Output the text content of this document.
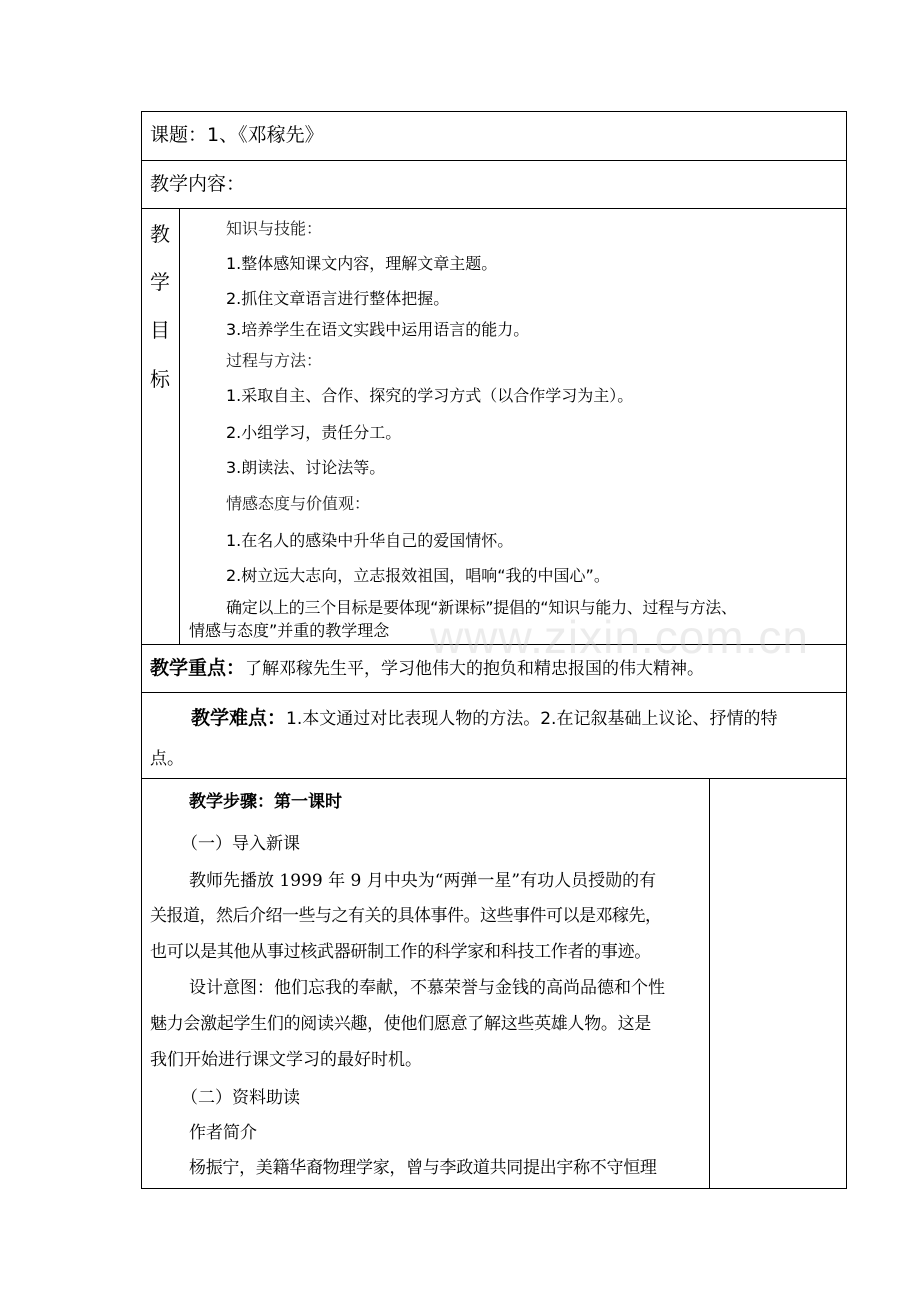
课题：1、《邓稼先》
教学内容：
教
学
目
标
知识与技能：
1.整体感知课文内容，理解文章主题。
2.抓住文章语言进行整体把握。
3.培养学生在语文实践中运用语言的能力。
过程与方法：
1.采取自主、合作、探究的学习方式（以合作学习为主）。
2.小组学习，责任分工。
3.朗读法、讨论法等。
情感态度与价值观：
1.在名人的感染中升华自己的爱国情怀。
2.树立远大志向，立志报效祖国，唱响“我的中国心”。
确定以上的三个目标是要体现“新课标”提倡的“知识与能力、过程与方法、
情感与态度”并重的教学理念 www.zixin.com.cn
教学重点：了解邓稼先生平，学习他伟大的抱负和精忠报国的伟大精神。
教学难点：1.本文通过对比表现人物的方法。2.在记叙基础上议论、抒情的特
点。
教学步骤：第一课时
（一）导入新课
教师先播放 1999 年 9 月中央为“两弹一星”有功人员授勋的有
关报道，然后介绍一些与之有关的具体事件。这些事件可以是邓稼先，
也可以是其他从事过核武器研制工作的科学家和科技工作者的事迹。
设计意图：他们忘我的奉献，不慕荣誉与金钱的高尚品德和个性
魅力会激起学生们的阅读兴趣，使他们愿意了解这些英雄人物。这是
我们开始进行课文学习的最好时机。
（二）资料助读
作者简介
杨振宁，美籍华裔物理学家，曾与李政道共同提出宇称不守恒理
